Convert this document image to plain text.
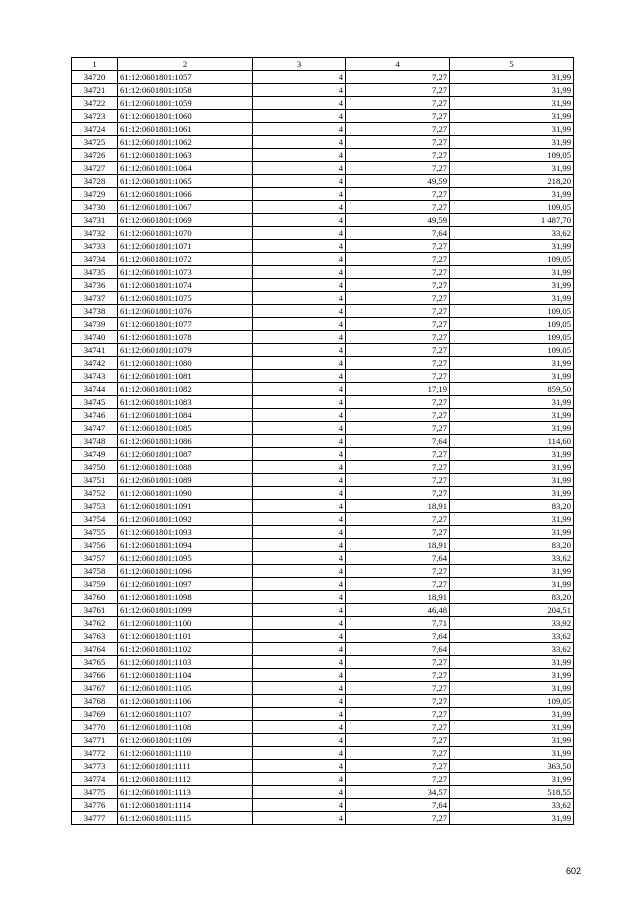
1	2	3	4	5
34720	61:12:0601801:1057	4	7,27	31,99
34721	61:12:0601801:1058	4	7,27	31,99
34722	61:12:0601801:1059	4	7,27	31,99
34723	61:12:0601801:1060	4	7,27	31,99
34724	61:12:0601801:1061	4	7,27	31,99
34725	61:12:0601801:1062	4	7,27	31,99
34726	61:12:0601801:1063	4	7,27	109,05
34727	61:12:0601801:1064	4	7,27	31,99
34728	61:12:0601801:1065	4	49,59	218,20
34729	61:12:0601801:1066	4	7,27	31,99
34730	61:12:0601801:1067	4	7,27	109,05
34731	61:12:0601801:1069	4	49,59	1 487,70
34732	61:12:0601801:1070	4	7,64	33,62
34733	61:12:0601801:1071	4	7,27	31,99
34734	61:12:0601801:1072	4	7,27	109,05
34735	61:12:0601801:1073	4	7,27	31,99
34736	61:12:0601801:1074	4	7,27	31,99
34737	61:12:0601801:1075	4	7,27	31,99
34738	61:12:0601801:1076	4	7,27	109,05
34739	61:12:0601801:1077	4	7,27	109,05
34740	61:12:0601801:1078	4	7,27	109,05
34741	61:12:0601801:1079	4	7,27	109,05
34742	61:12:0601801:1080	4	7,27	31,99
34743	61:12:0601801:1081	4	7,27	31,99
34744	61:12:0601801:1082	4	17,19	859,50
34745	61:12:0601801:1083	4	7,27	31,99
34746	61:12:0601801:1084	4	7,27	31,99
34747	61:12:0601801:1085	4	7,27	31,99
34748	61:12:0601801:1086	4	7,64	114,60
34749	61:12:0601801:1087	4	7,27	31,99
34750	61:12:0601801:1088	4	7,27	31,99
34751	61:12:0601801:1089	4	7,27	31,99
34752	61:12:0601801:1090	4	7,27	31,99
34753	61:12:0601801:1091	4	18,91	83,20
34754	61:12:0601801:1092	4	7,27	31,99
34755	61:12:0601801:1093	4	7,27	31,99
34756	61:12:0601801:1094	4	18,91	83,20
34757	61:12:0601801:1095	4	7,64	33,62
34758	61:12:0601801:1096	4	7,27	31,99
34759	61:12:0601801:1097	4	7,27	31,99
34760	61:12:0601801:1098	4	18,91	83,20
34761	61:12:0601801:1099	4	46,48	204,51
34762	61:12:0601801:1100	4	7,71	33,92
34763	61:12:0601801:1101	4	7,64	33,62
34764	61:12:0601801:1102	4	7,64	33,62
34765	61:12:0601801:1103	4	7,27	31,99
34766	61:12:0601801:1104	4	7,27	31,99
34767	61:12:0601801:1105	4	7,27	31,99
34768	61:12:0601801:1106	4	7,27	109,05
34769	61:12:0601801:1107	4	7,27	31,99
34770	61:12:0601801:1108	4	7,27	31,99
34771	61:12:0601801:1109	4	7,27	31,99
34772	61:12:0601801:1110	4	7,27	31,99
34773	61:12:0601801:1111	4	7,27	363,50
34774	61:12:0601801:1112	4	7,27	31,99
34775	61:12:0601801:1113	4	34,57	518,55
34776	61:12:0601801:1114	4	7,64	33,62
34777	61:12:0601801:1115	4	7,27	31,99
602
